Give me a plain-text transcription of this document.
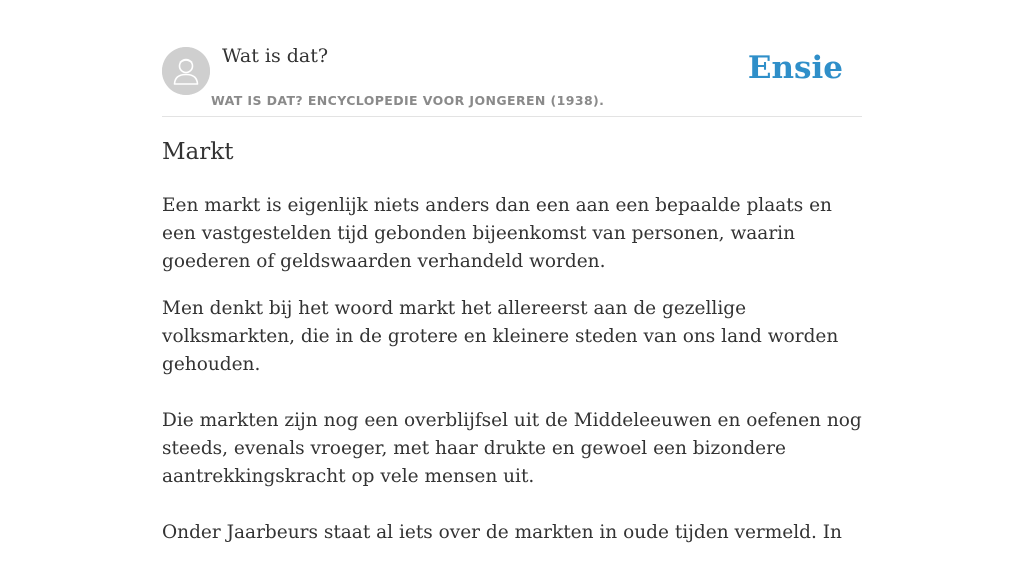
Wat is dat?
WAT IS DAT? ENCYCLOPEDIE VOOR JONGEREN (1938).
Ensie
Markt

Een markt is eigenlijk niets anders dan een aan een bepaalde plaats en een vastgestelden tijd gebonden bijeenkomst van personen, waarin goederen of geldswaarden verhandeld worden.

Men denkt bij het woord markt het allereerst aan de gezellige volksmarkten, die in de grotere en kleinere steden van ons land worden gehouden.

Die markten zijn nog een overblijfsel uit de Middeleeuwen en oefenen nog steeds, evenals vroeger, met haar drukte en gewoel een bizondere aantrekkingskracht op vele mensen uit.

Onder Jaarbeurs staat al iets over de markten in oude tijden vermeld. In
